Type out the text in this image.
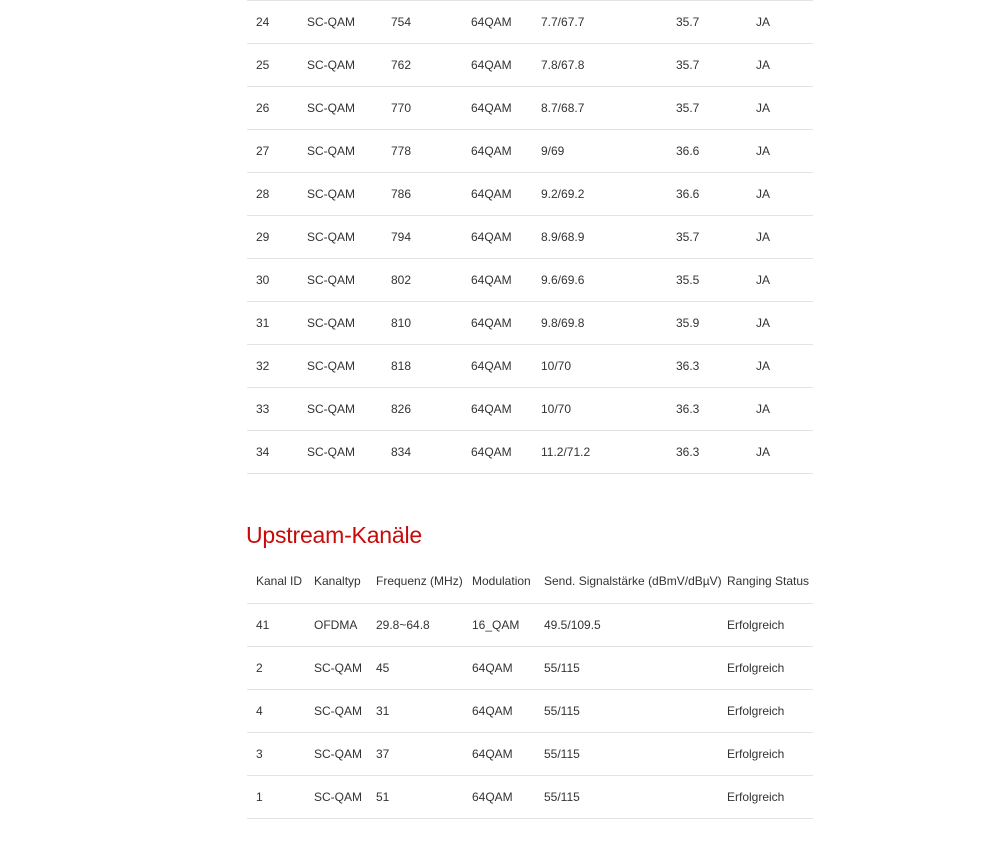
24	SC-QAM	754	64QAM	7.7/67.7	35.7	JA
25	SC-QAM	762	64QAM	7.8/67.8	35.7	JA
26	SC-QAM	770	64QAM	8.7/68.7	35.7	JA
27	SC-QAM	778	64QAM	9/69	36.6	JA
28	SC-QAM	786	64QAM	9.2/69.2	36.6	JA
29	SC-QAM	794	64QAM	8.9/68.9	35.7	JA
30	SC-QAM	802	64QAM	9.6/69.6	35.5	JA
31	SC-QAM	810	64QAM	9.8/69.8	35.9	JA
32	SC-QAM	818	64QAM	10/70	36.3	JA
33	SC-QAM	826	64QAM	10/70	36.3	JA
34	SC-QAM	834	64QAM	11.2/71.2	36.3	JA
Upstream-Kanäle
Kanal ID	Kanaltyp	Frequenz (MHz)	Modulation	Send. Signalstärke (dBmV/dBµV)	Ranging Status
41	OFDMA	29.8~64.8	16_QAM	49.5/109.5	Erfolgreich
2	SC-QAM	45	64QAM	55/115	Erfolgreich
4	SC-QAM	31	64QAM	55/115	Erfolgreich
3	SC-QAM	37	64QAM	55/115	Erfolgreich
1	SC-QAM	51	64QAM	55/115	Erfolgreich
